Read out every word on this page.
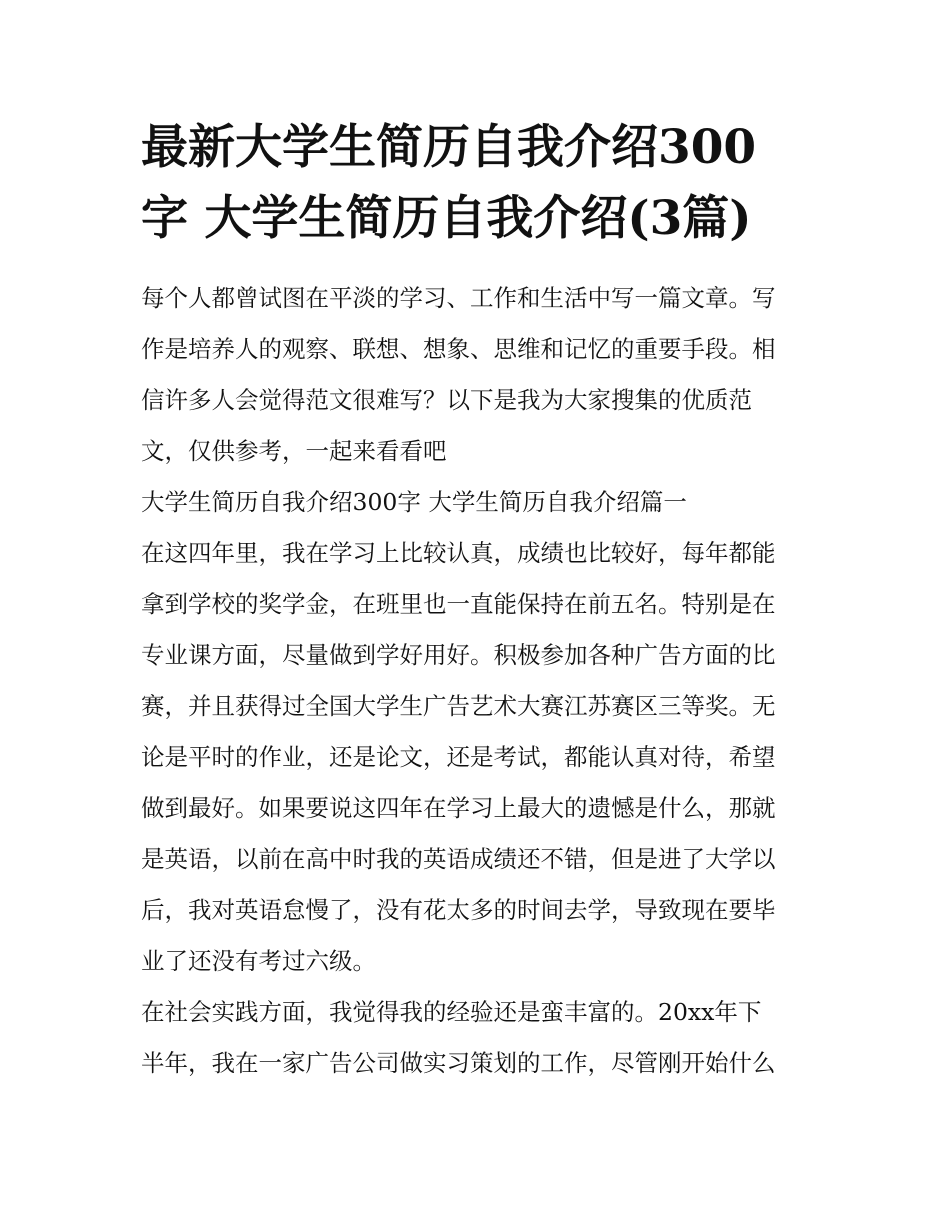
最新大学生简历自我介绍300
字 大学生简历自我介绍(3篇)
每个人都曾试图在平淡的学习、工作和生活中写一篇文章。写
作是培养人的观察、联想、想象、思维和记忆的重要手段。相
信许多人会觉得范文很难写？以下是我为大家搜集的优质范
文，仅供参考，一起来看看吧
大学生简历自我介绍300字 大学生简历自我介绍篇一
在这四年里，我在学习上比较认真，成绩也比较好，每年都能
拿到学校的奖学金，在班里也一直能保持在前五名。特别是在
专业课方面，尽量做到学好用好。积极参加各种广告方面的比
赛，并且获得过全国大学生广告艺术大赛江苏赛区三等奖。无
论是平时的作业，还是论文，还是考试，都能认真对待，希望
做到最好。如果要说这四年在学习上最大的遗憾是什么，那就
是英语，以前在高中时我的英语成绩还不错，但是进了大学以
后，我对英语怠慢了，没有花太多的时间去学，导致现在要毕
业了还没有考过六级。
在社会实践方面，我觉得我的经验还是蛮丰富的。20xx年下
半年，我在一家广告公司做实习策划的工作，尽管刚开始什么
